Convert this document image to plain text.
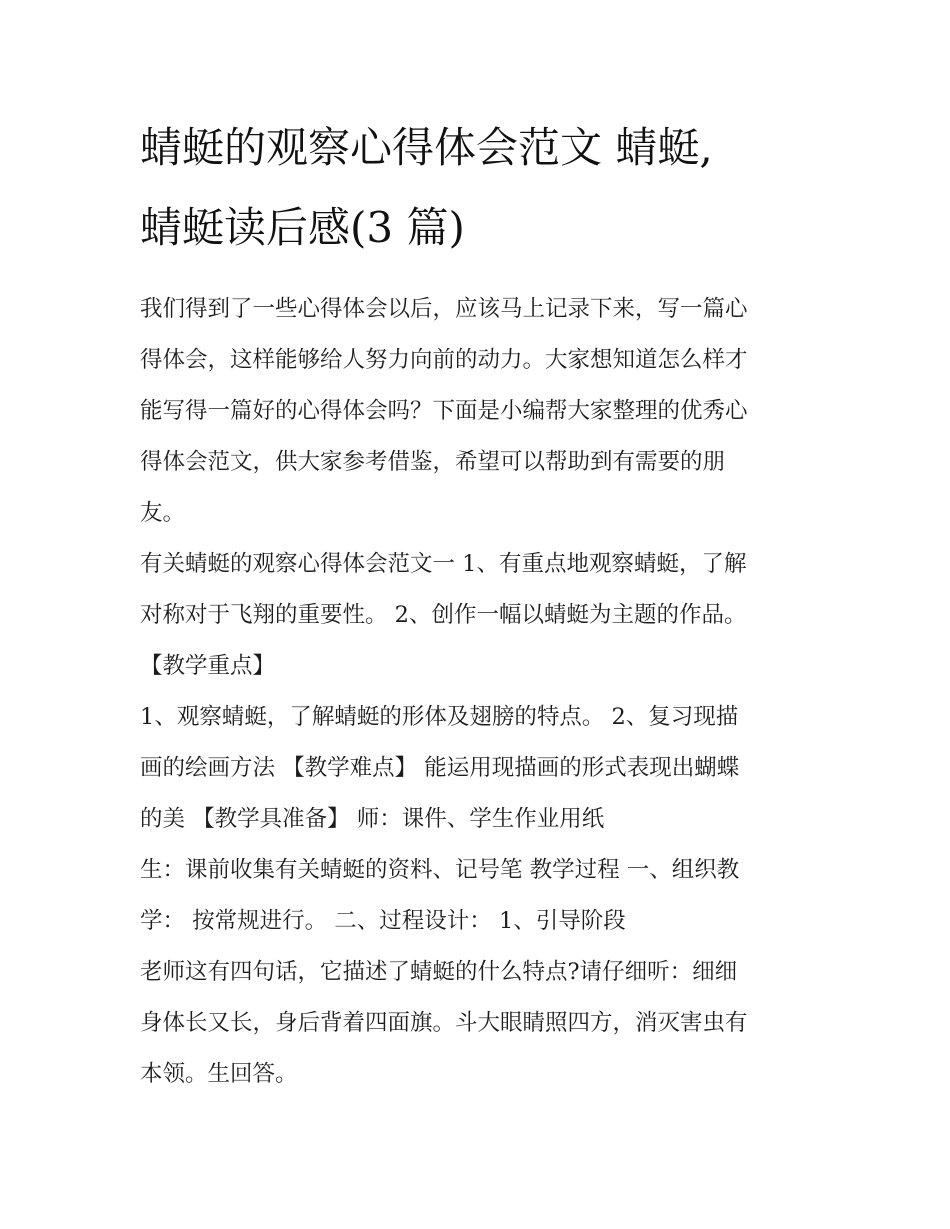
蜻蜓的观察心得体会范文 蜻蜓,
蜻蜓读后感(3 篇)

我们得到了一些心得体会以后，应该马上记录下来，写一篇心
得体会，这样能够给人努力向前的动力。大家想知道怎么样才
能写得一篇好的心得体会吗？下面是小编帮大家整理的优秀心
得体会范文，供大家参考借鉴，希望可以帮助到有需要的朋
友。

有关蜻蜓的观察心得体会范文一 1、有重点地观察蜻蜓，了解
对称对于飞翔的重要性。 2、创作一幅以蜻蜓为主题的作品。
【教学重点】

1、观察蜻蜓，了解蜻蜓的形体及翅膀的特点。 2、复习现描
画的绘画方法 【教学难点】 能运用现描画的形式表现出蝴蝶
的美 【教学具准备】 师：课件、学生作业用纸

生：课前收集有关蜻蜓的资料、记号笔 教学过程 一、组织教
学： 按常规进行。 二、过程设计： 1、引导阶段

老师这有四句话，它描述了蜻蜓的什么特点?请仔细听：细细
身体长又长，身后背着四面旗。斗大眼睛照四方，消灭害虫有
本领。生回答。
